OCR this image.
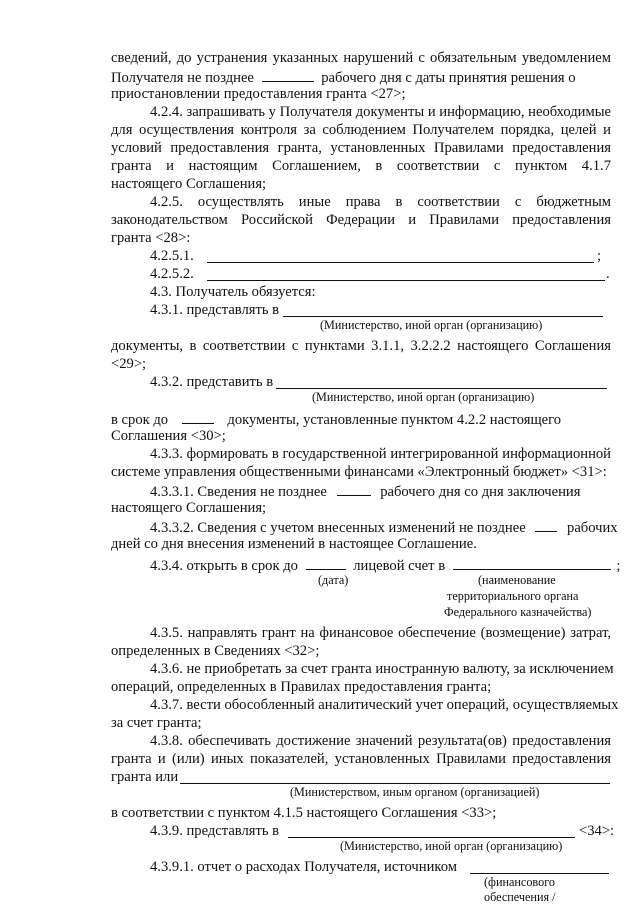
сведений, до устранения указанных нарушений с обязательным уведомлением
Получателя не позднее	рабочего дня с даты принятия решения о
приостановлении предоставления гранта <27>;
4.2.4. запрашивать у Получателя документы и информацию, необходимые
для осуществления контроля за соблюдением Получателем порядка, целей и
условий предоставления гранта, установленных Правилами предоставления
гранта и настоящим Соглашением, в соответствии с пунктом 4.1.7
настоящего Соглашения;
4.2.5. осуществлять иные права в соответствии с бюджетным
законодательством Российской Федерации и Правилами предоставления
гранта <28>:
4.2.5.1.	;
4.2.5.2.	.
4.3. Получатель обязуется:
4.3.1. представлять в
(Министерство, иной орган (организацию)
документы, в соответствии с пунктами 3.1.1, 3.2.2.2 настоящего Соглашения
<29>;
4.3.2. представить в
(Министерство, иной орган (организацию)
в срок до	документы, установленные пунктом 4.2.2 настоящего
Соглашения <30>;
4.3.3. формировать в государственной интегрированной информационной
системе управления общественными финансами «Электронный бюджет» <31>:
4.3.3.1. Сведения не позднее	рабочего дня со дня заключения
настоящего Соглашения;
4.3.3.2. Сведения с учетом внесенных изменений не позднее	рабочих
дней со дня внесения изменений в настоящее Соглашение.
4.3.4. открыть в срок до	лицевой счет в	;
(дата)	(наименование
территориального органа
Федерального казначейства)
4.3.5. направлять грант на финансовое обеспечение (возмещение) затрат,
определенных в Сведениях <32>;
4.3.6. не приобретать за счет гранта иностранную валюту, за исключением
операций, определенных в Правилах предоставления гранта;
4.3.7. вести обособленный аналитический учет операций, осуществляемых
за счет гранта;
4.3.8. обеспечивать достижение значений результата(ов) предоставления
гранта и (или) иных показателей, установленных Правилами предоставления
гранта или
(Министерством, иным органом (организацией)
в соответствии с пунктом 4.1.5 настоящего Соглашения <33>;
4.3.9. представлять в	<34>:
(Министерство, иной орган (организацию)
4.3.9.1. отчет о расходах Получателя, источником
(финансового
обеспечения /
